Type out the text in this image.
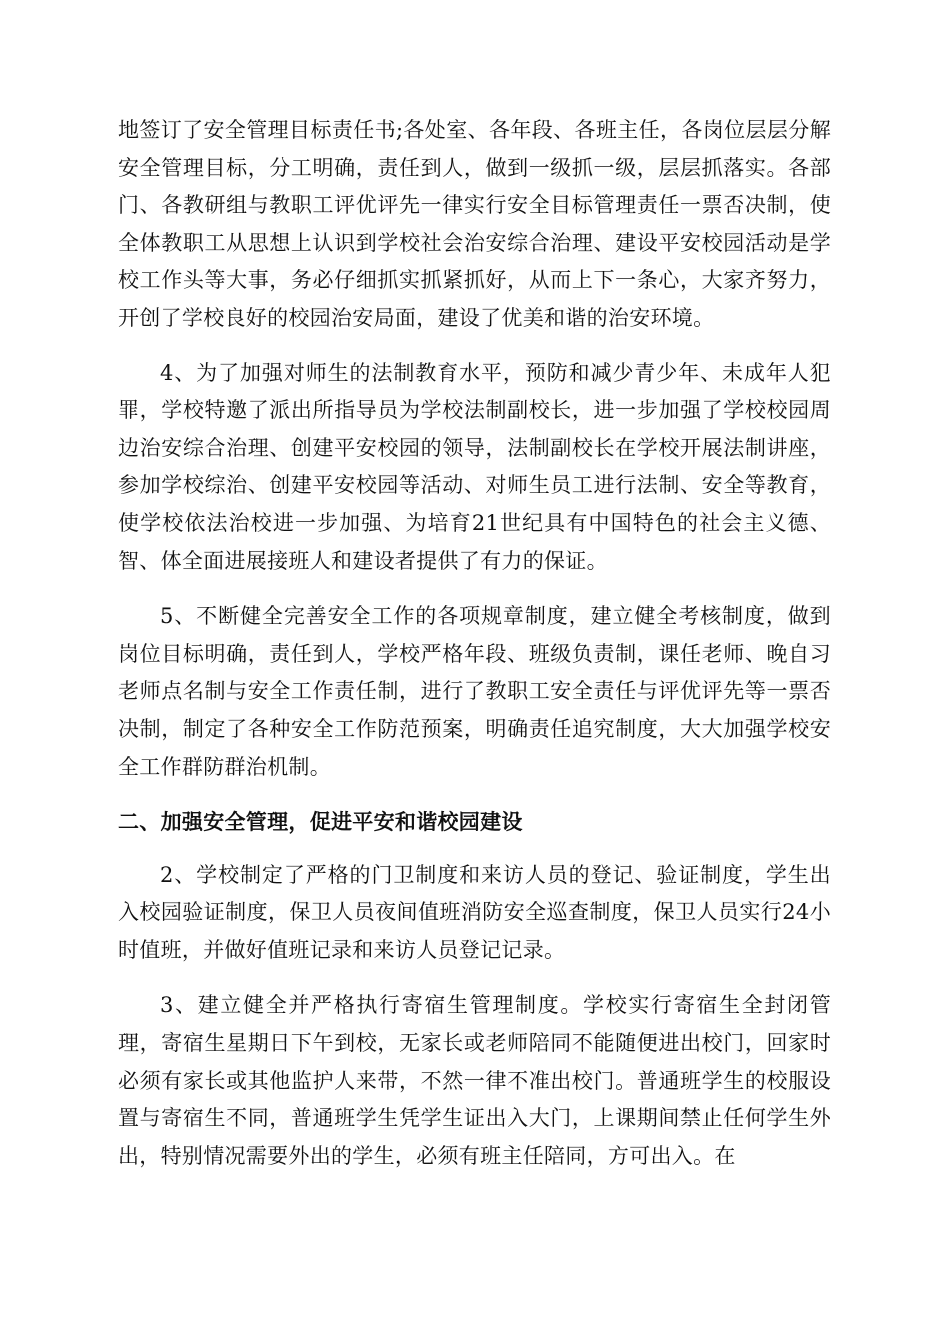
地签订了安全管理目标责任书;各处室、各年段、各班主任，各岗位层层分解安全管理目标，分工明确，责任到人，做到一级抓一级，层层抓落实。各部门、各教研组与教职工评优评先一律实行安全目标管理责任一票否决制，使全体教职工从思想上认识到学校社会治安综合治理、建设平安校园活动是学校工作头等大事，务必仔细抓实抓紧抓好，从而上下一条心，大家齐努力，开创了学校良好的校园治安局面，建设了优美和谐的治安环境。

4、为了加强对师生的法制教育水平，预防和减少青少年、未成年人犯罪，学校特邀了派出所指导员为学校法制副校长，进一步加强了学校校园周边治安综合治理、创建平安校园的领导，法制副校长在学校开展法制讲座，参加学校综治、创建平安校园等活动、对师生员工进行法制、安全等教育，使学校依法治校进一步加强、为培育21世纪具有中国特色的社会主义德、智、体全面进展接班人和建设者提供了有力的保证。

5、不断健全完善安全工作的各项规章制度，建立健全考核制度，做到岗位目标明确，责任到人，学校严格年段、班级负责制，课任老师、晚自习老师点名制与安全工作责任制，进行了教职工安全责任与评优评先等一票否决制，制定了各种安全工作防范预案，明确责任追究制度，大大加强学校安全工作群防群治机制。

二、加强安全管理，促进平安和谐校园建设

2、学校制定了严格的门卫制度和来访人员的登记、验证制度，学生出入校园验证制度，保卫人员夜间值班消防安全巡查制度，保卫人员实行24小时值班，并做好值班记录和来访人员登记记录。

3、建立健全并严格执行寄宿生管理制度。学校实行寄宿生全封闭管理，寄宿生星期日下午到校，无家长或老师陪同不能随便进出校门，回家时必须有家长或其他监护人来带，不然一律不准出校门。普通班学生的校服设置与寄宿生不同，普通班学生凭学生证出入大门，上课期间禁止任何学生外出，特别情况需要外出的学生，必须有班主任陪同，方可出入。在
